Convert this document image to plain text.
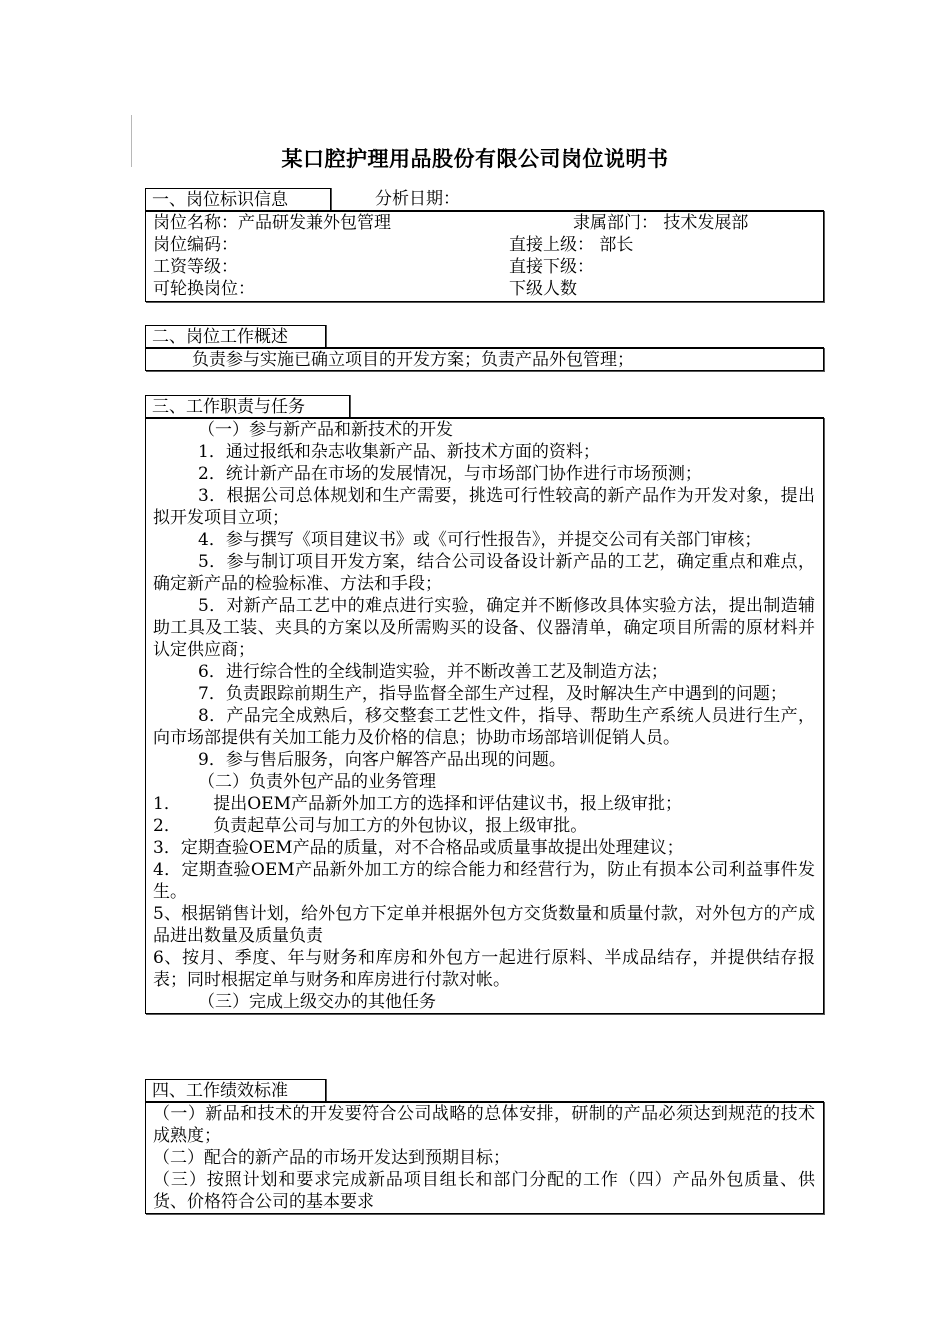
某口腔护理用品股份有限公司岗位说明书
一、岗位标识信息	分析日期：
岗位名称：产品研发兼外包管理	隶属部门： 技术发展部
岗位编码：	直接上级： 部长
工资等级：	直接下级：
可轮换岗位：	下级人数
二、岗位工作概述
负责参与实施已确立项目的开发方案；负责产品外包管理；
三、工作职责与任务
（一）参与新产品和新技术的开发
1．通过报纸和杂志收集新产品、新技术方面的资料；
2．统计新产品在市场的发展情况，与市场部门协作进行市场预测；
3．根据公司总体规划和生产需要，挑选可行性较高的新产品作为开发对象，提出拟开发项目立项；
4．参与撰写《项目建议书》或《可行性报告》，并提交公司有关部门审核；
5．参与制订项目开发方案，结合公司设备设计新产品的工艺，确定重点和难点，确定新产品的检验标准、方法和手段；
5．对新产品工艺中的难点进行实验，确定并不断修改具体实验方法，提出制造辅助工具及工装、夹具的方案以及所需购买的设备、仪器清单，确定项目所需的原材料并认定供应商；
6．进行综合性的全线制造实验，并不断改善工艺及制造方法；
7．负责跟踪前期生产，指导监督全部生产过程，及时解决生产中遇到的问题；
8．产品完全成熟后，移交整套工艺性文件，指导、帮助生产系统人员进行生产，向市场部提供有关加工能力及价格的信息；协助市场部培训促销人员。
9．参与售后服务，向客户解答产品出现的问题。
（二）负责外包产品的业务管理
1．      提出OEM产品新外加工方的选择和评估建议书，报上级审批；
2．      负责起草公司与加工方的外包协议，报上级审批。
3．定期查验OEM产品的质量，对不合格品或质量事故提出处理建议；
4．定期查验OEM产品新外加工方的综合能力和经营行为，防止有损本公司利益事件发生。
5、根据销售计划，给外包方下定单并根据外包方交货数量和质量付款，对外包方的产成品进出数量及质量负责
6、按月、季度、年与财务和库房和外包方一起进行原料、半成品结存，并提供结存报表；同时根据定单与财务和库房进行付款对帐。
（三）完成上级交办的其他任务
四、工作绩效标准
（一）新品和技术的开发要符合公司战略的总体安排，研制的产品必须达到规范的技术成熟度；
（二）配合的新产品的市场开发达到预期目标；
（三）按照计划和要求完成新品项目组长和部门分配的工作（四）产品外包质量、供货、价格符合公司的基本要求
